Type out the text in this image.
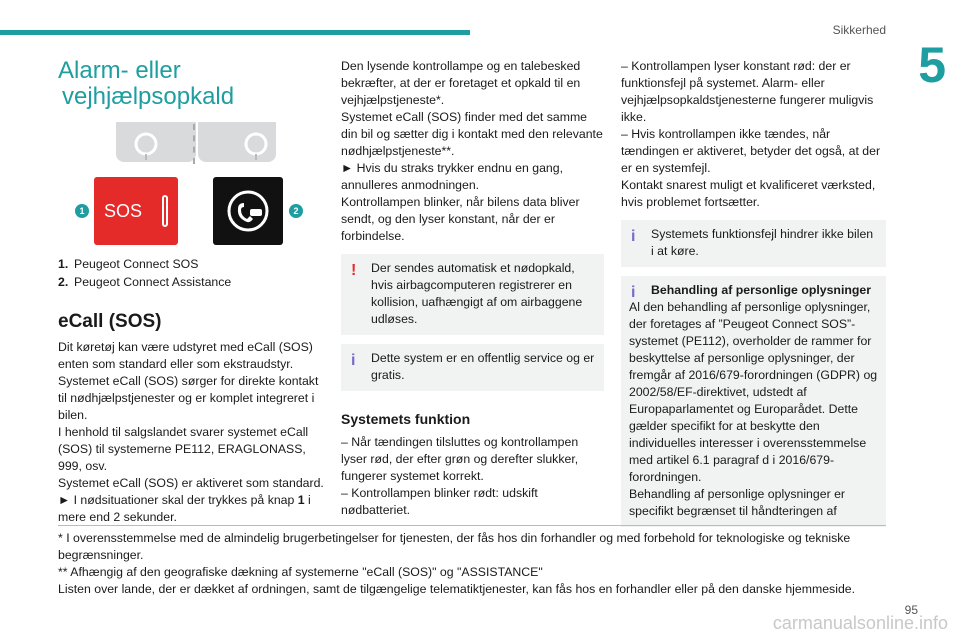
Sikkerhed
5
Alarm- eller
vejhjælpsopkald
1 SOS	2
1. Peugeot Connect SOS
2. Peugeot Connect Assistance
eCall (SOS)

Dit køretøj kan være udstyret med eCall (SOS) enten som standard eller som ekstraudstyr.

Systemet eCall (SOS) sørger for direkte kontakt til nødhjælpstjenester og er komplet integreret i bilen.

I henhold til salgslandet svarer systemet eCall (SOS) til systemerne PE112, ERAGLONASS, 999, osv.

Systemet eCall (SOS) er aktiveret som standard.

► I nødsituationer skal der trykkes på knap 1 i mere end 2 sekunder.

Den lysende kontrollampe og en talebesked bekræfter, at der er foretaget et opkald til en vejhjælpstjeneste*.

Systemet eCall (SOS) finder med det samme din bil og sætter dig i kontakt med den relevante nødhjælpstjeneste**.

► Hvis du straks trykker endnu en gang, annulleres anmodningen.

Kontrollampen blinker, når bilens data bliver sendt, og den lyser konstant, når der er forbindelse.

! Der sendes automatisk et nødopkald, hvis airbagcomputeren registrerer en kollision, uafhængigt af om airbaggene udløses.

i Dette system er en offentlig service og er gratis.

Systemets funktion

– Når tændingen tilsluttes og kontrollampen lyser rød, der efter grøn og derefter slukker, fungerer systemet korrekt.

– Kontrollampen blinker rødt: udskift nødbatteriet.

– Kontrollampen lyser konstant rød: der er funktionsfejl på systemet. Alarm- eller vejhjælpsopkaldstjenesterne fungerer muligvis ikke.

– Hvis kontrollampen ikke tændes, når tændingen er aktiveret, betyder det også, at der er en systemfejl.

Kontakt snarest muligt et kvalificeret værksted, hvis problemet fortsætter.

i Systemets funktionsfejl hindrer ikke bilen i at køre.

i Behandling af personlige oplysninger

Al den behandling af personlige oplysninger, der foretages af ”Peugeot Connect SOS”-systemet (PE112), overholder de rammer for beskyttelse af personlige oplysninger, der fremgår af 2016/679-forordningen (GDPR) og 2002/58/EF-direktivet, udstedt af Europaparlamentet og Europarådet. Dette gælder specifikt for at beskytte den individuelles interesser i overensstemmelse med artikel 6.1 paragraf d i 2016/679-forordningen.

Behandling af personlige oplysninger er specifikt begrænset til håndteringen af

* I overensstemmelse med de almindelig brugerbetingelser for tjenesten, der fås hos din forhandler og med forbehold for teknologiske og tekniske begrænsninger.

** Afhængig af den geografiske dækning af systemerne "eCall (SOS)" og "ASSISTANCE"

Listen over lande, der er dækket af ordningen, samt de tilgængelige telematiktjenester, kan fås hos en forhandler eller på den danske hjemmeside.

95
carmanualsonline.info
